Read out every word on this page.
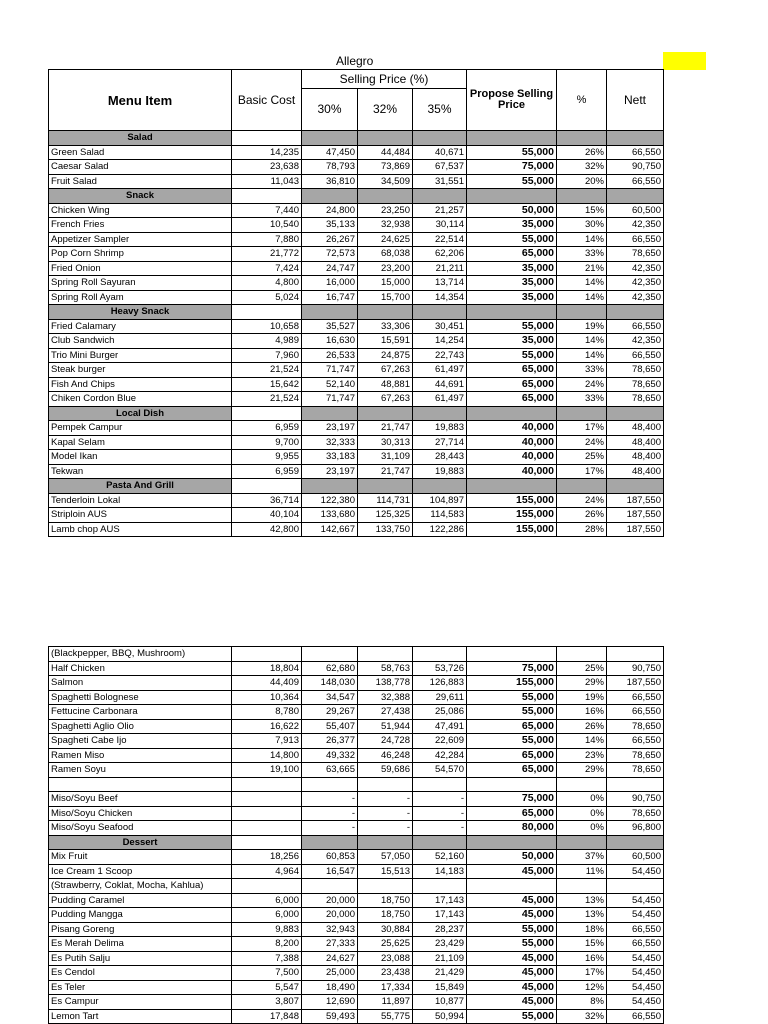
Allegro
Menu Item	Basic Cost	Selling Price (%)			Propose Selling Price	%	Nett
		30%	32%	35%			
Salad							
Green Salad	14,235	47,450	44,484	40,671	55,000	26%	66,550
Caesar Salad	23,638	78,793	73,869	67,537	75,000	32%	90,750
Fruit Salad	11,043	36,810	34,509	31,551	55,000	20%	66,550
Snack							
Chicken Wing	7,440	24,800	23,250	21,257	50,000	15%	60,500
French Fries	10,540	35,133	32,938	30,114	35,000	30%	42,350
Appetizer Sampler	7,880	26,267	24,625	22,514	55,000	14%	66,550
Pop Corn Shrimp	21,772	72,573	68,038	62,206	65,000	33%	78,650
Fried Onion	7,424	24,747	23,200	21,211	35,000	21%	42,350
Spring Roll Sayuran	4,800	16,000	15,000	13,714	35,000	14%	42,350
Spring Roll Ayam	5,024	16,747	15,700	14,354	35,000	14%	42,350
Heavy Snack							
Fried Calamary	10,658	35,527	33,306	30,451	55,000	19%	66,550
Club Sandwich	4,989	16,630	15,591	14,254	35,000	14%	42,350
Trio Mini Burger	7,960	26,533	24,875	22,743	55,000	14%	66,550
Steak burger	21,524	71,747	67,263	61,497	65,000	33%	78,650
Fish And Chips	15,642	52,140	48,881	44,691	65,000	24%	78,650
Chiken Cordon Blue	21,524	71,747	67,263	61,497	65,000	33%	78,650
Local Dish							
Pempek Campur	6,959	23,197	21,747	19,883	40,000	17%	48,400
Kapal Selam	9,700	32,333	30,313	27,714	40,000	24%	48,400
Model Ikan	9,955	33,183	31,109	28,443	40,000	25%	48,400
Tekwan	6,959	23,197	21,747	19,883	40,000	17%	48,400
Pasta And Grill							
Tenderloin Lokal	36,714	122,380	114,731	104,897	155,000	24%	187,550
Striploin AUS	40,104	133,680	125,325	114,583	155,000	26%	187,550
Lamb chop AUS	42,800	142,667	133,750	122,286	155,000	28%	187,550
(Blackpepper, BBQ, Mushroom)							
Half Chicken	18,804	62,680	58,763	53,726	75,000	25%	90,750
Salmon	44,409	148,030	138,778	126,883	155,000	29%	187,550
Spaghetti Bolognese	10,364	34,547	32,388	29,611	55,000	19%	66,550
Fettucine Carbonara	8,780	29,267	27,438	25,086	55,000	16%	66,550
Spaghetti Aglio Olio	16,622	55,407	51,944	47,491	65,000	26%	78,650
Spagheti Cabe Ijo	7,913	26,377	24,728	22,609	55,000	14%	66,550
Ramen Miso	14,800	49,332	46,248	42,284	65,000	23%	78,650
Ramen Soyu	19,100	63,665	59,686	54,570	65,000	29%	78,650

Miso/Soyu Beef		-	-	-	75,000	0%	90,750
Miso/Soyu Chicken		-	-	-	65,000	0%	78,650
Miso/Soyu Seafood		-	-	-	80,000	0%	96,800
Dessert							
Mix Fruit	18,256	60,853	57,050	52,160	50,000	37%	60,500
Ice Cream 1 Scoop	4,964	16,547	15,513	14,183	45,000	11%	54,450
(Strawberry, Coklat, Mocha, Kahlua)							
Pudding Caramel	6,000	20,000	18,750	17,143	45,000	13%	54,450
Pudding Mangga	6,000	20,000	18,750	17,143	45,000	13%	54,450
Pisang Goreng	9,883	32,943	30,884	28,237	55,000	18%	66,550
Es Merah Delima	8,200	27,333	25,625	23,429	55,000	15%	66,550
Es Putih Salju	7,388	24,627	23,088	21,109	45,000	16%	54,450
Es Cendol	7,500	25,000	23,438	21,429	45,000	17%	54,450
Es Teler	5,547	18,490	17,334	15,849	45,000	12%	54,450
Es Campur	3,807	12,690	11,897	10,877	45,000	8%	54,450
Lemon Tart	17,848	59,493	55,775	50,994	55,000	32%	66,550
